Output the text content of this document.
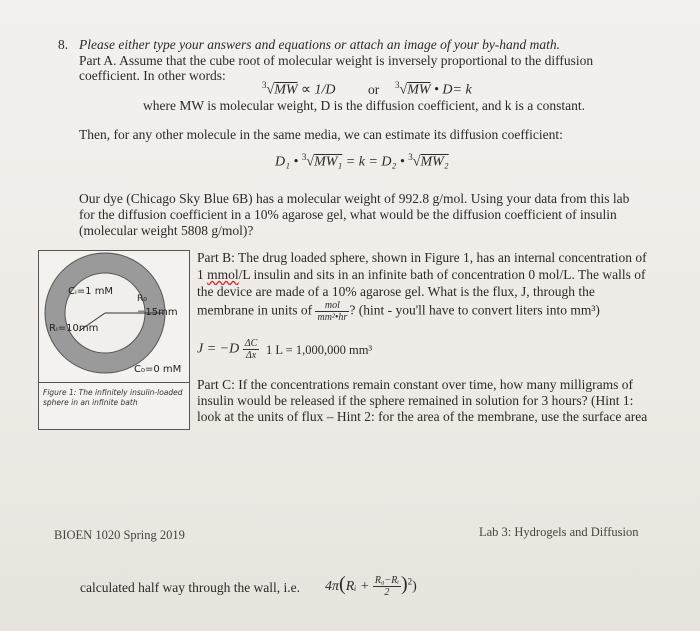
8. Please either type your answers and equations or attach an image of your by-hand math.
Part A. Assume that the cube root of molecular weight is inversely proportional to the diffusion
coefficient. In other words:
$^3$√MW ∝ 1/D or $^3$√MW • D= k
where MW is molecular weight, D is the diffusion coefficient, and k is a constant.
Then, for any other molecule in the same media, we can estimate its diffusion coefficient:
D₁ • $^3$√MW₁ = k = D₂ • $^3$√MW₂
Our dye (Chicago Sky Blue 6B) has a molecular weight of 992.8 g/mol. Using your data from this lab
for the diffusion coefficient in a 10% agarose gel, what would be the diffusion coefficient of insulin
(molecular weight 5808 g/mol)?
Cᵢ=1 mM
R₀
=15mm
Rᵢ=10mm
C₀=0 mM
Figure 1: The infinitely insulin-loaded sphere in an infinite bath
Part B: The drug loaded sphere, shown in Figure 1, has an internal concentration of
1 mmol/L insulin and sits in an infinite bath of concentration 0 mol/L. The walls of
the device are made of a 10% agarose gel. What is the flux, J, through the
membrane in units of $\frac{\text{mol}}{\text{mm²•hr}}$ ? (hint - you'll have to convert liters into mm³)
$J = -D \frac{\Delta C}{\Delta x} 1$ L = 1,000,000 mm³
Part C: If the concentrations remain constant over time, how many milligrams of
insulin would be released if the sphere remained in solution for 3 hours? (Hint 1:
look at the units of flux – Hint 2: for the area of the membrane, use the surface area
BIOEN 1020 Spring 2019	Lab 3: Hydrogels and Diffusion
calculated half way through the wall, i.e. 4π(Rᵢ + $\frac{\text{R₀−Rᵢ}}{2} )^2$)
